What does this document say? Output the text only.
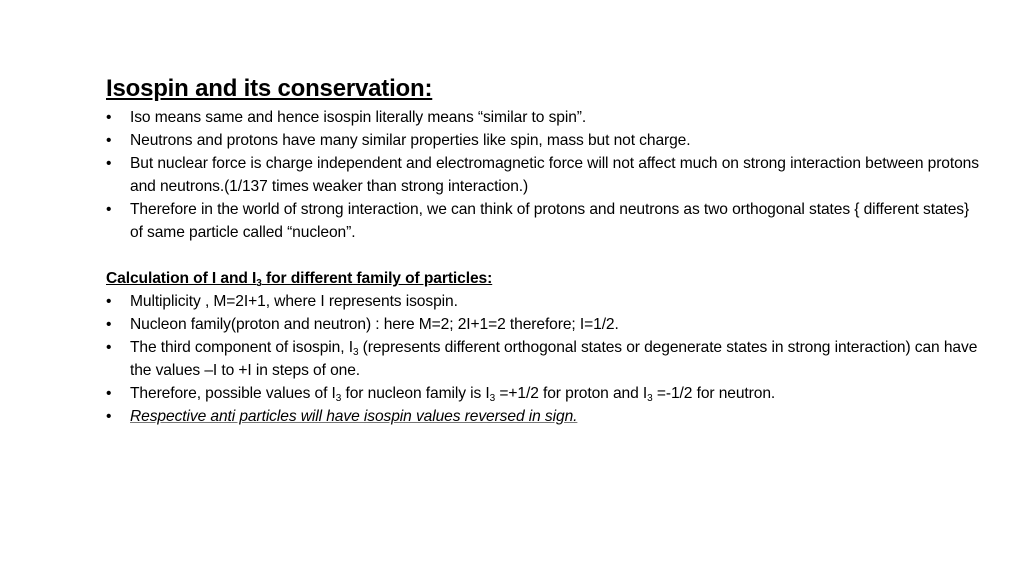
Isospin and its conservation:
• Iso means same and hence isospin literally means “similar to spin”.
• Neutrons and protons have many similar properties like spin, mass but not charge.
• But nuclear force is charge independent and electromagnetic force will not affect much on strong interaction between protons and neutrons.(1/137 times weaker than strong interaction.)
• Therefore in the world of strong interaction, we can think of protons and neutrons as two orthogonal states { different states} of same particle called “nucleon”.
Calculation of I and $I_3$ for different family of particles:
• Multiplicity , M=2I+1, where I represents isospin.
• Nucleon family(proton and neutron) : here M=2; 2I+1=2 therefore; I=1/2.
• The third component of isospin, $I_3$ (represents different orthogonal states or degenerate states in strong interaction) can have the values –I to +I in steps of one.
• Therefore, possible values of $I_3$ for nucleon family is $I_3 =+1/2$ for proton and $I_3 =-1/2$ for neutron.
• Respective anti particles will have isospin values reversed in sign.
